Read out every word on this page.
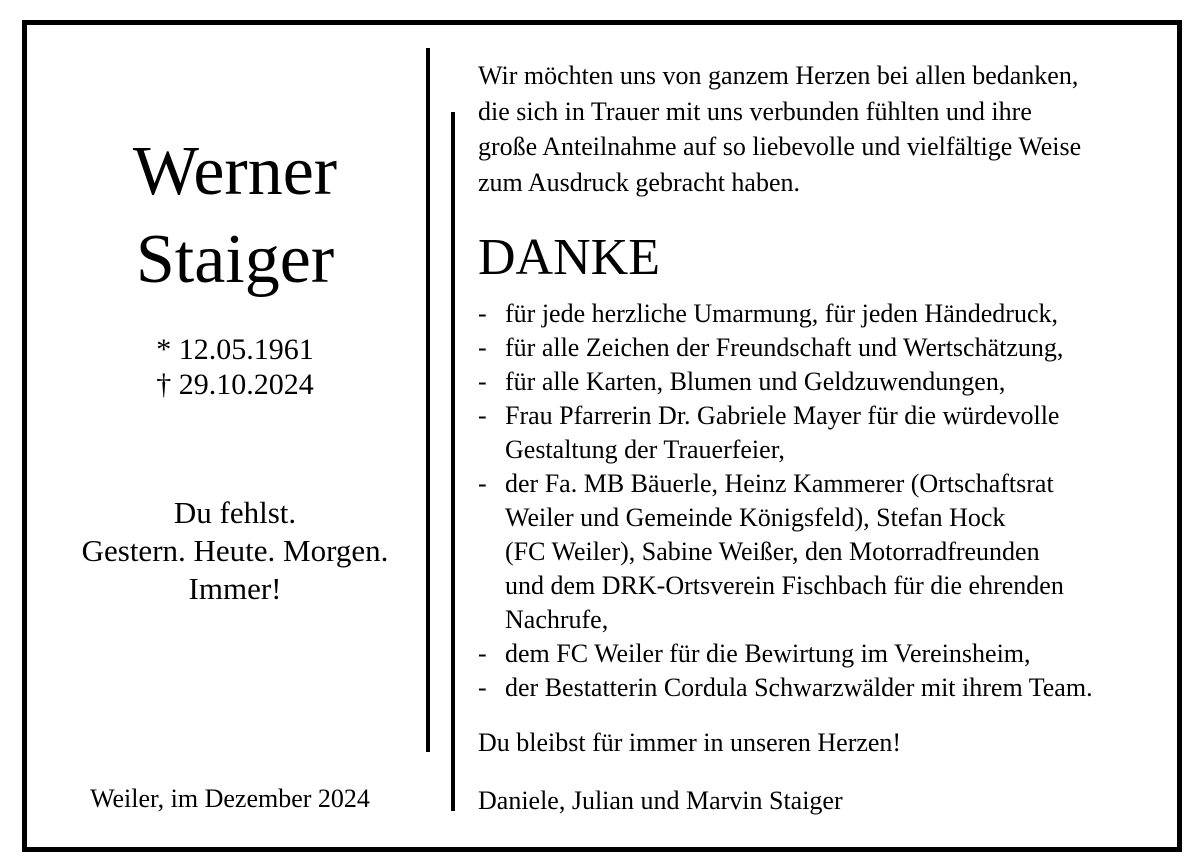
Werner
Staiger
* 12.05.1961
† 29.10.2024
Du fehlst.
Gestern. Heute. Morgen.
Immer!
Weiler, im Dezember 2024
Wir möchten uns von ganzem Herzen bei allen bedanken,
die sich in Trauer mit uns verbunden fühlten und ihre
große Anteilnahme auf so liebevolle und vielfältige Weise
zum Ausdruck gebracht haben.
DANKE
- für jede herzliche Umarmung, für jeden Händedruck,
- für alle Zeichen der Freundschaft und Wertschätzung,
- für alle Karten, Blumen und Geldzuwendungen,
- Frau Pfarrerin Dr. Gabriele Mayer für die würdevolle
Gestaltung der Trauerfeier,
- der Fa. MB Bäuerle, Heinz Kammerer (Ortschaftsrat
Weiler und Gemeinde Königsfeld), Stefan Hock
(FC Weiler), Sabine Weißer, den Motorradfreunden
und dem DRK-Ortsverein Fischbach für die ehrenden
Nachrufe,
- dem FC Weiler für die Bewirtung im Vereinsheim,
- der Bestatterin Cordula Schwarzwälder mit ihrem Team.
Du bleibst für immer in unseren Herzen!
Daniele, Julian und Marvin Staiger
